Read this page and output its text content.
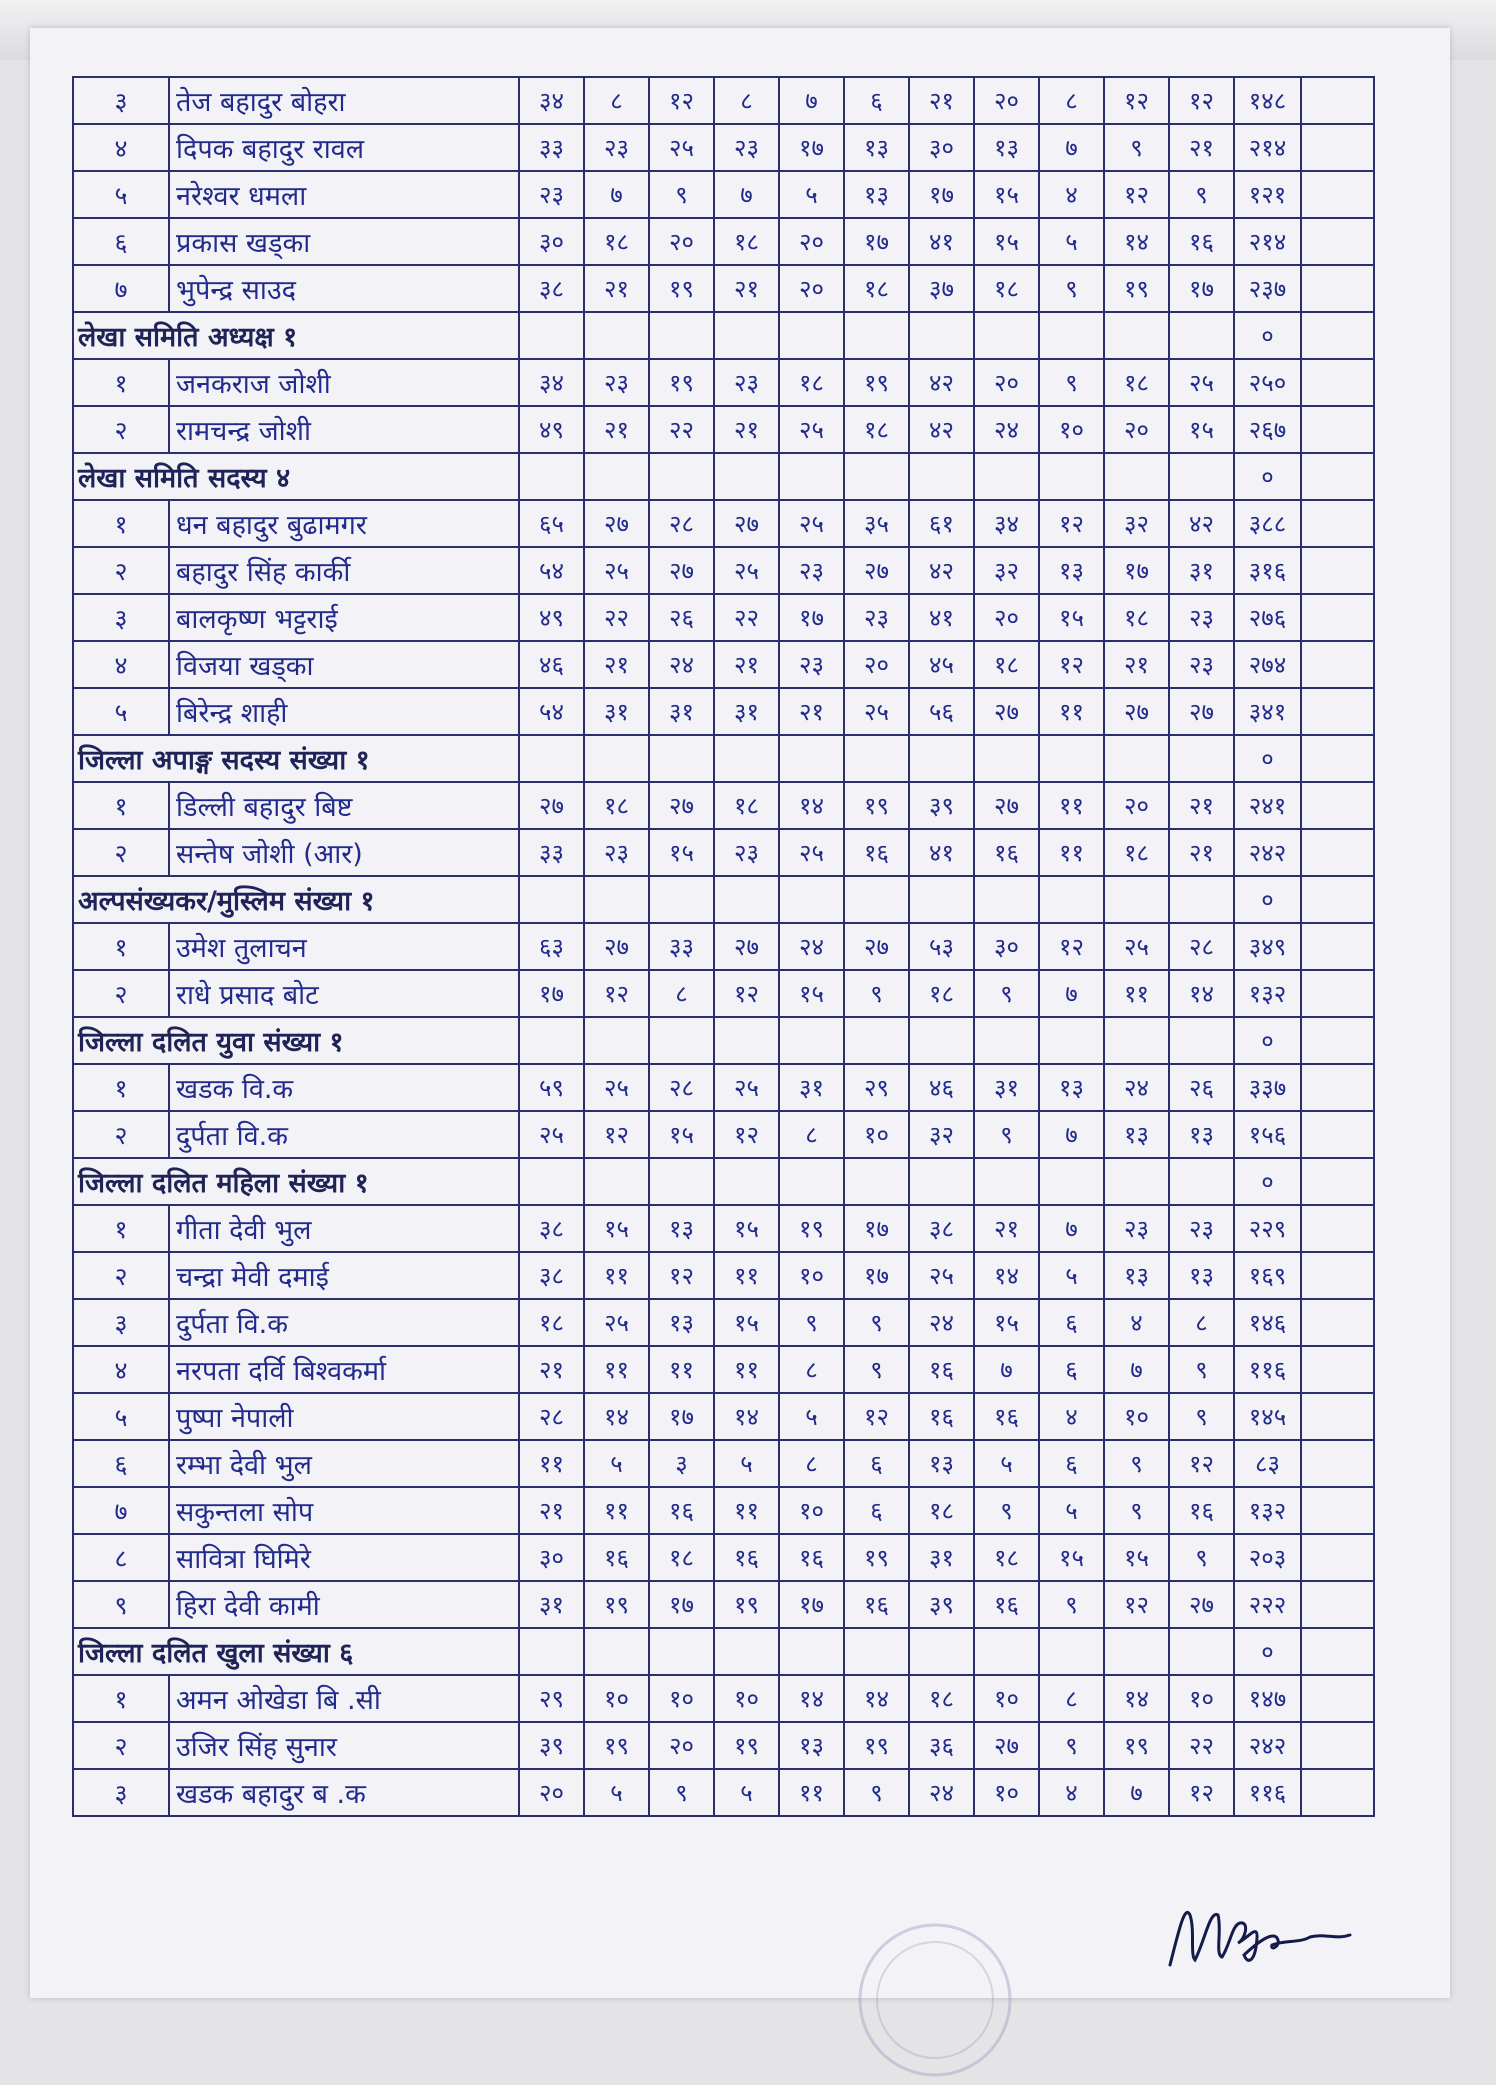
३	तेज बहादुर बोहरा	३४	८	१२	८	७	६	२१	२०	८	१२	१२	१४८	
४	दिपक बहादुर रावल	३३	२३	२५	२३	१७	१३	३०	१३	७	९	२१	२१४	
५	नरेश्वर धमला	२३	७	९	७	५	१३	१७	१५	४	१२	९	१२१	
६	प्रकास खड्का	३०	१८	२०	१८	२०	१७	४१	१५	५	१४	१६	२१४	
७	भुपेन्द्र साउद	३८	२१	१९	२१	२०	१८	३७	१८	९	१९	१७	२३७	
लेखा समिति अध्यक्ष १													०	
१	जनकराज जोशी	३४	२३	१९	२३	१८	१९	४२	२०	९	१८	२५	२५०	
२	रामचन्द्र जोशी	४९	२१	२२	२१	२५	१८	४२	२४	१०	२०	१५	२६७	
लेखा समिति सदस्य ४													०	
१	धन बहादुर बुढामगर	६५	२७	२८	२७	२५	३५	६१	३४	१२	३२	४२	३८८	
२	बहादुर सिंह कार्की	५४	२५	२७	२५	२३	२७	४२	३२	१३	१७	३१	३१६	
३	बालकृष्ण भट्टराई	४९	२२	२६	२२	१७	२३	४१	२०	१५	१८	२३	२७६	
४	विजया खड्का	४६	२१	२४	२१	२३	२०	४५	१८	१२	२१	२३	२७४	
५	बिरेन्द्र शाही	५४	३१	३१	३१	२१	२५	५६	२७	११	२७	२७	३४१	
जिल्ला अपाङ्ग सदस्य संख्या १													०	
१	डिल्ली बहादुर बिष्ट	२७	१८	२७	१८	१४	१९	३९	२७	११	२०	२१	२४१	
२	सन्तेष जोशी (आर)	३३	२३	१५	२३	२५	१६	४१	१६	११	१८	२१	२४२	
अल्पसंख्यकर/मुस्लिम संख्या १													०	
१	उमेश तुलाचन	६३	२७	३३	२७	२४	२७	५३	३०	१२	२५	२८	३४९	
२	राधे प्रसाद बोट	१७	१२	८	१२	१५	९	१८	९	७	११	१४	१३२	
जिल्ला दलित युवा संख्या १													०	
१	खडक वि.क	५९	२५	२८	२५	३१	२९	४६	३१	१३	२४	२६	३३७	
२	दुर्पता वि.क	२५	१२	१५	१२	८	१०	३२	९	७	१३	१३	१५६	
जिल्ला दलित महिला संख्या १													०	
१	गीता देवी भुल	३८	१५	१३	१५	१९	१७	३८	२१	७	२३	२३	२२९	
२	चन्द्रा मेवी दमाई	३८	११	१२	११	१०	१७	२५	१४	५	१३	१३	१६९	
३	दुर्पता वि.क	१८	२५	१३	१५	९	९	२४	१५	६	४	८	१४६	
४	नरपता दर्वि बिश्वकर्मा	२१	११	११	११	८	९	१६	७	६	७	९	११६	
५	पुष्पा नेपाली	२८	१४	१७	१४	५	१२	१६	१६	४	१०	९	१४५	
६	रम्भा देवी भुल	११	५	३	५	८	६	१३	५	६	९	१२	८३	
७	सकुन्तला सोप	२१	११	१६	११	१०	६	१८	९	५	९	१६	१३२	
८	सावित्रा घिमिरे	३०	१६	१८	१६	१६	१९	३१	१८	१५	१५	९	२०३	
९	हिरा देवी कामी	३१	१९	१७	१९	१७	१६	३९	१६	९	१२	२७	२२२	
जिल्ला दलित खुला संख्या ६													०	
१	अमन ओखेडा बि .सी	२९	१०	१०	१०	१४	१४	१८	१०	८	१४	१०	१४७	
२	उजिर सिंह सुनार	३९	१९	२०	१९	१३	१९	३६	२७	९	१९	२२	२४२	
३	खडक बहादुर ब .क	२०	५	९	५	११	९	२४	१०	४	७	१२	११६	
